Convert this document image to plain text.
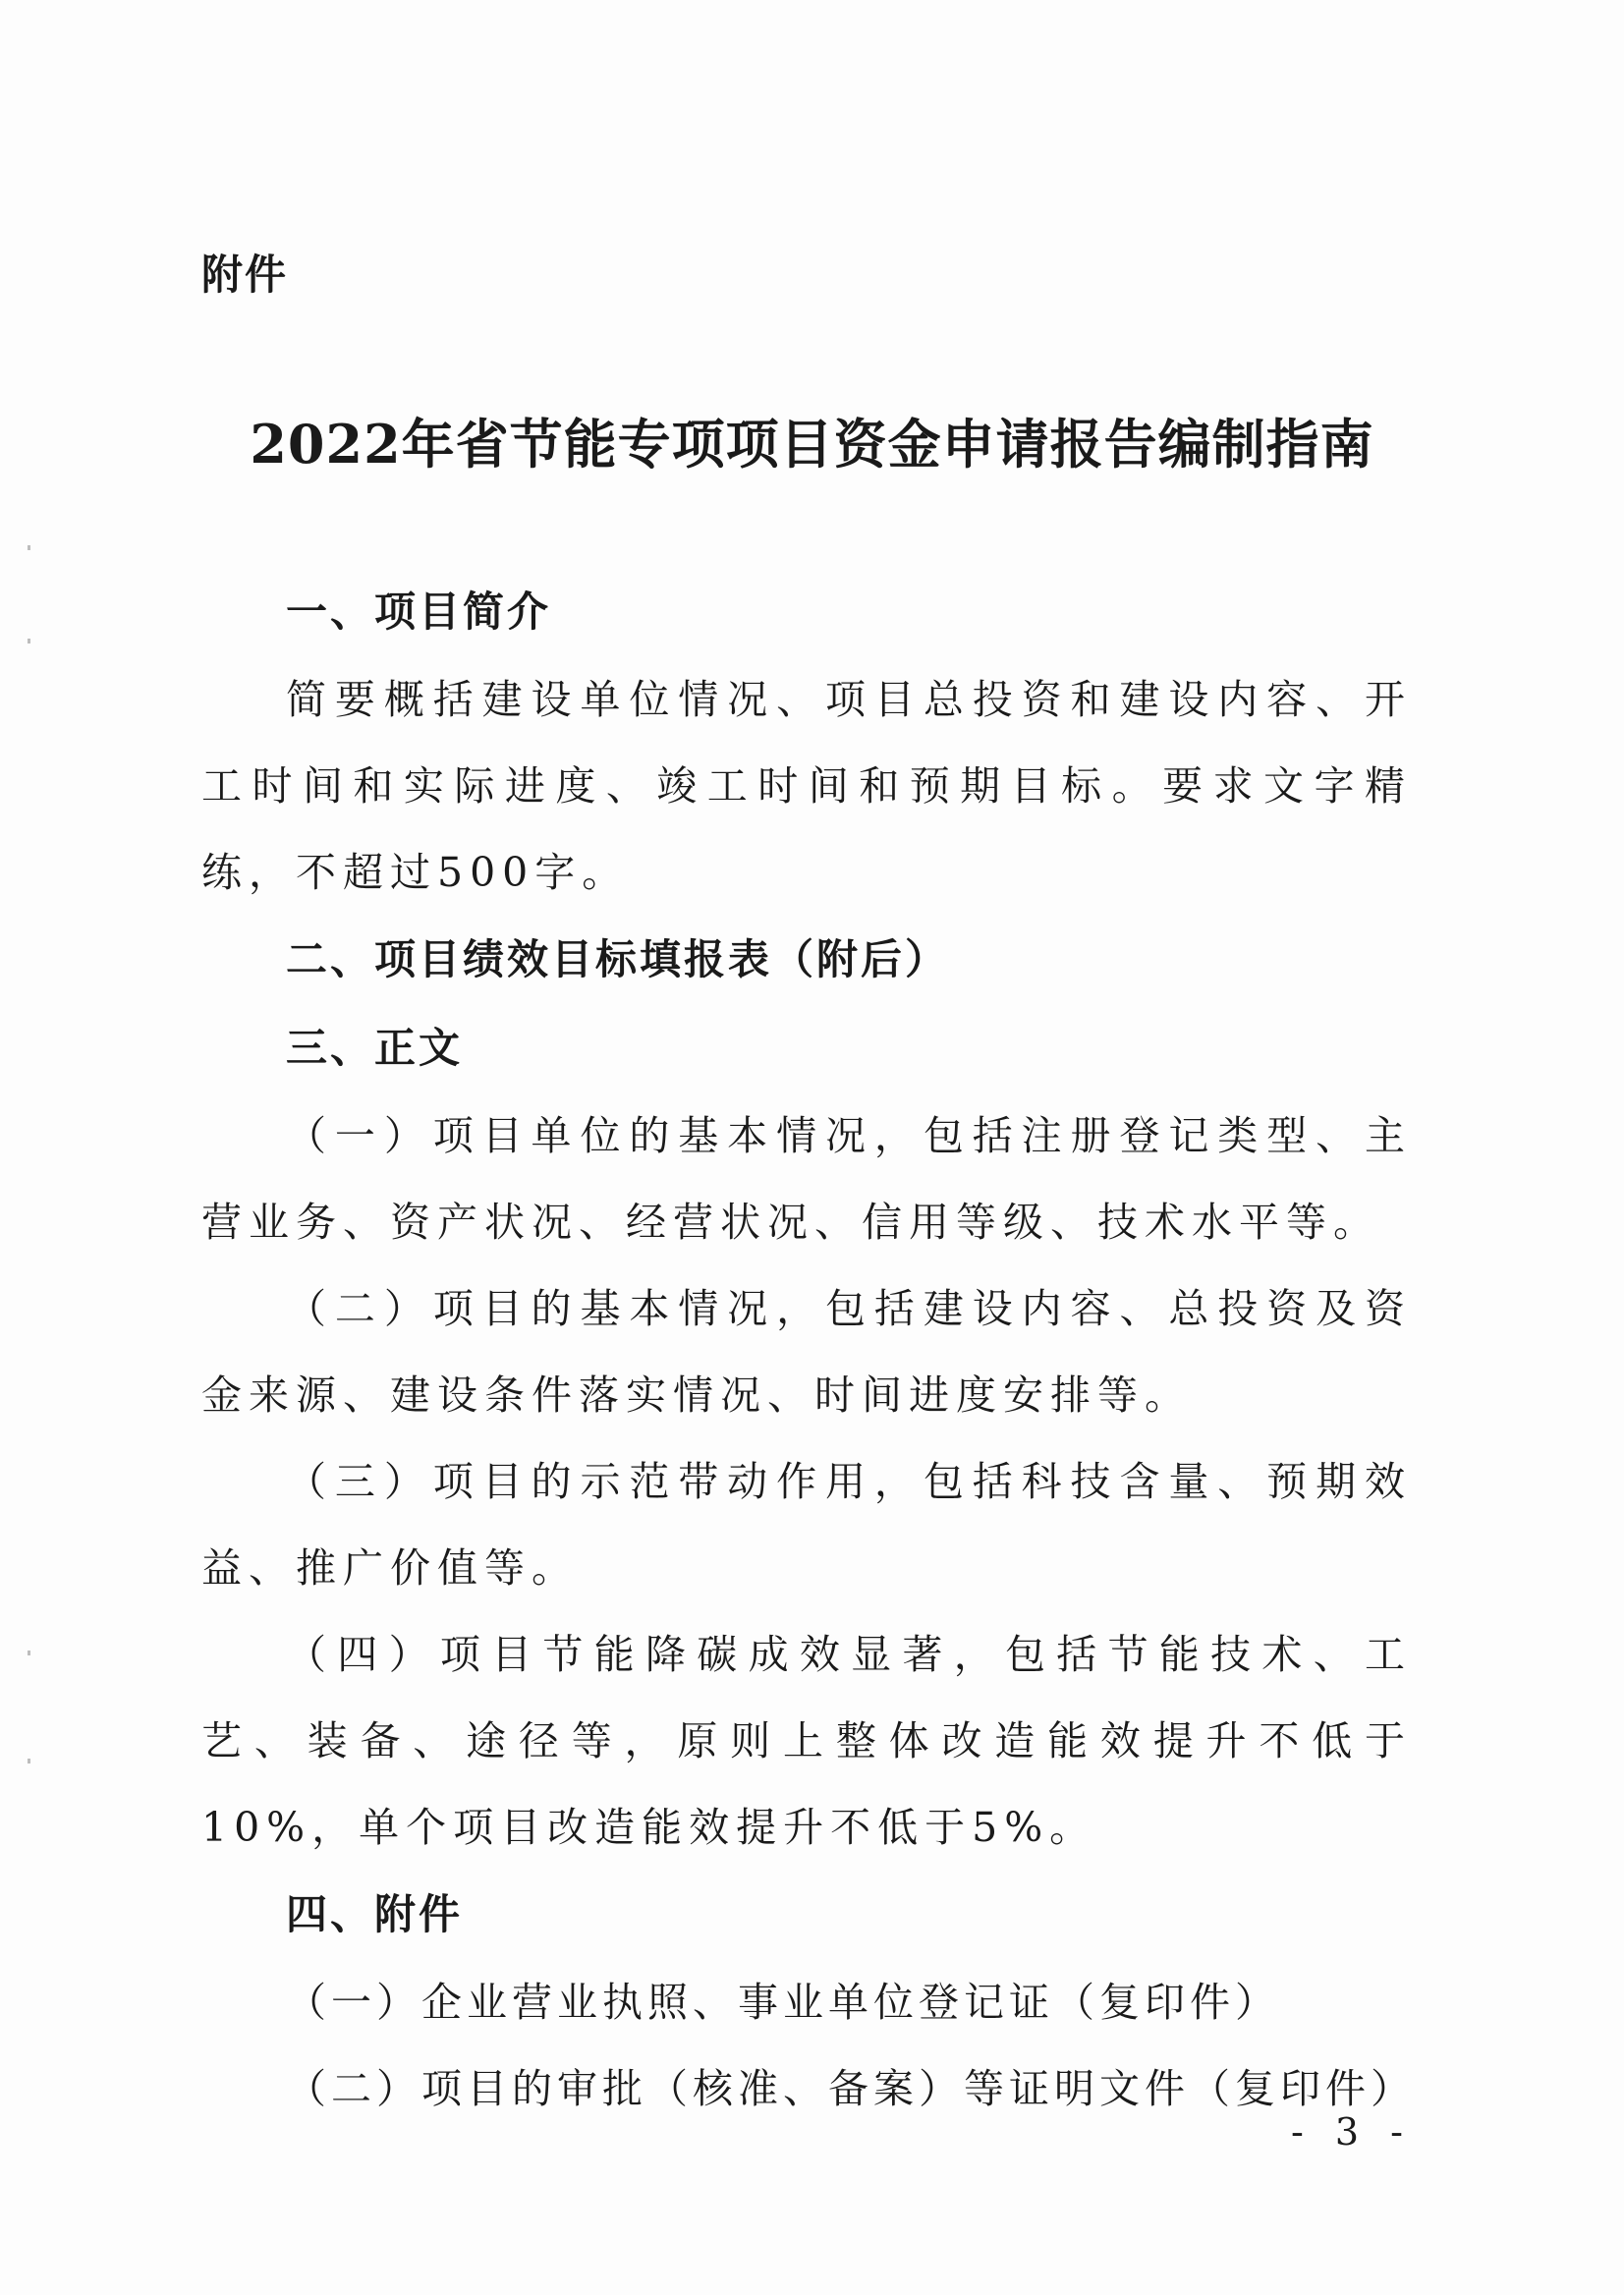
附件
2022年省节能专项项目资金申请报告编制指南
一、项目简介

简要概括建设单位情况、项目总投资和建设内容、开工时间和实际进度、竣工时间和预期目标。要求文字精练，不超过500字。

二、项目绩效目标填报表（附后）
三、正文

（一）项目单位的基本情况，包括注册登记类型、主营业务、资产状况、经营状况、信用等级、技术水平等。

（二）项目的基本情况，包括建设内容、总投资及资金来源、建设条件落实情况、时间进度安排等。

（三）项目的示范带动作用，包括科技含量、预期效益、推广价值等。

（四）项目节能降碳成效显著，包括节能技术、工艺、装备、途径等，原则上整体改造能效提升不低于10%，单个项目改造能效提升不低于5%。

四、附件
（一）企业营业执照、事业单位登记证（复印件）
（二）项目的审批（核准、备案）等证明文件（复印件）
- 3 -
